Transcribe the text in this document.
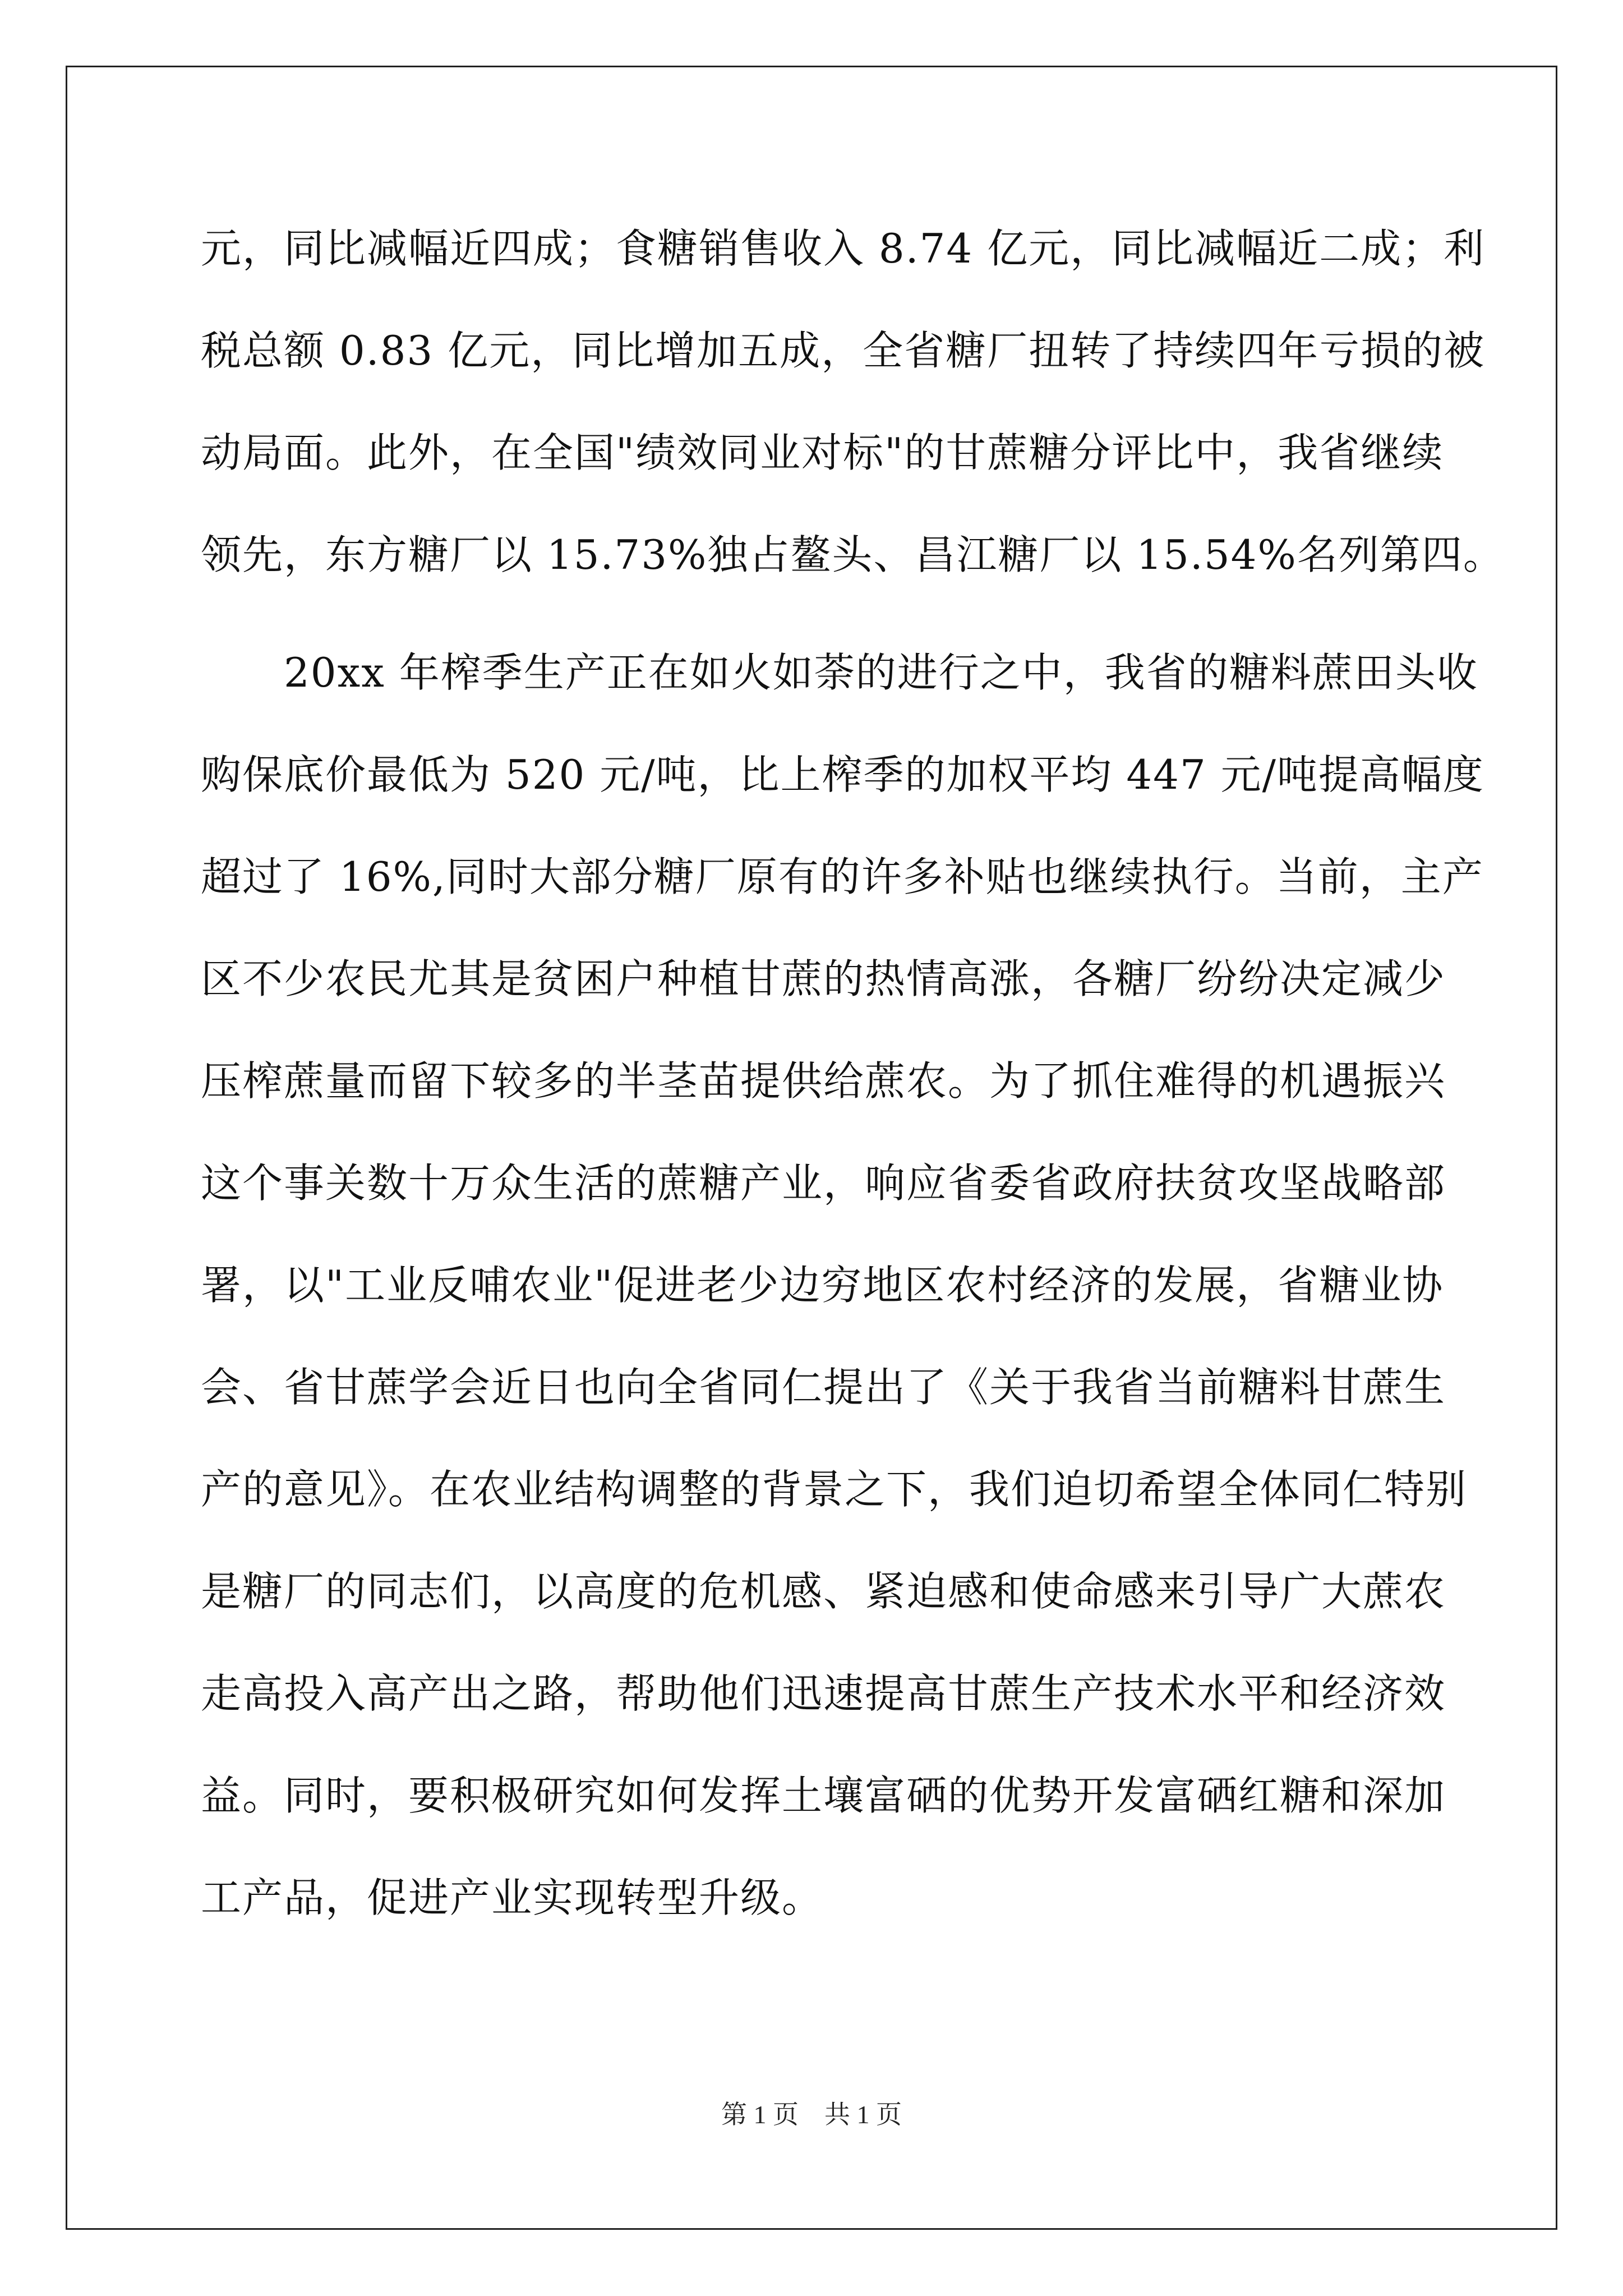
元，同比减幅近四成；食糖销售收入 8.74 亿元，同比减幅近二成；利
税总额 0.83 亿元，同比增加五成，全省糖厂扭转了持续四年亏损的被
动局面。此外，在全国"绩效同业对标"的甘蔗糖分评比中，我省继续
领先，东方糖厂以 15.73%独占鳌头、昌江糖厂以 15.54%名列第四。
　　20xx 年榨季生产正在如火如荼的进行之中，我省的糖料蔗田头收
购保底价最低为 520 元/吨，比上榨季的加权平均 447 元/吨提高幅度
超过了 16%,同时大部分糖厂原有的许多补贴也继续执行。当前，主产
区不少农民尤其是贫困户种植甘蔗的热情高涨，各糖厂纷纷决定减少
压榨蔗量而留下较多的半茎苗提供给蔗农。为了抓住难得的机遇振兴
这个事关数十万众生活的蔗糖产业，响应省委省政府扶贫攻坚战略部
署，以"工业反哺农业"促进老少边穷地区农村经济的发展，省糖业协
会、省甘蔗学会近日也向全省同仁提出了《关于我省当前糖料甘蔗生
产的意见》。在农业结构调整的背景之下，我们迫切希望全体同仁特别
是糖厂的同志们，以高度的危机感、紧迫感和使命感来引导广大蔗农
走高投入高产出之路，帮助他们迅速提高甘蔗生产技术水平和经济效
益。同时，要积极研究如何发挥土壤富硒的优势开发富硒红糖和深加
工产品，促进产业实现转型升级。
第 1 页　共 1 页
